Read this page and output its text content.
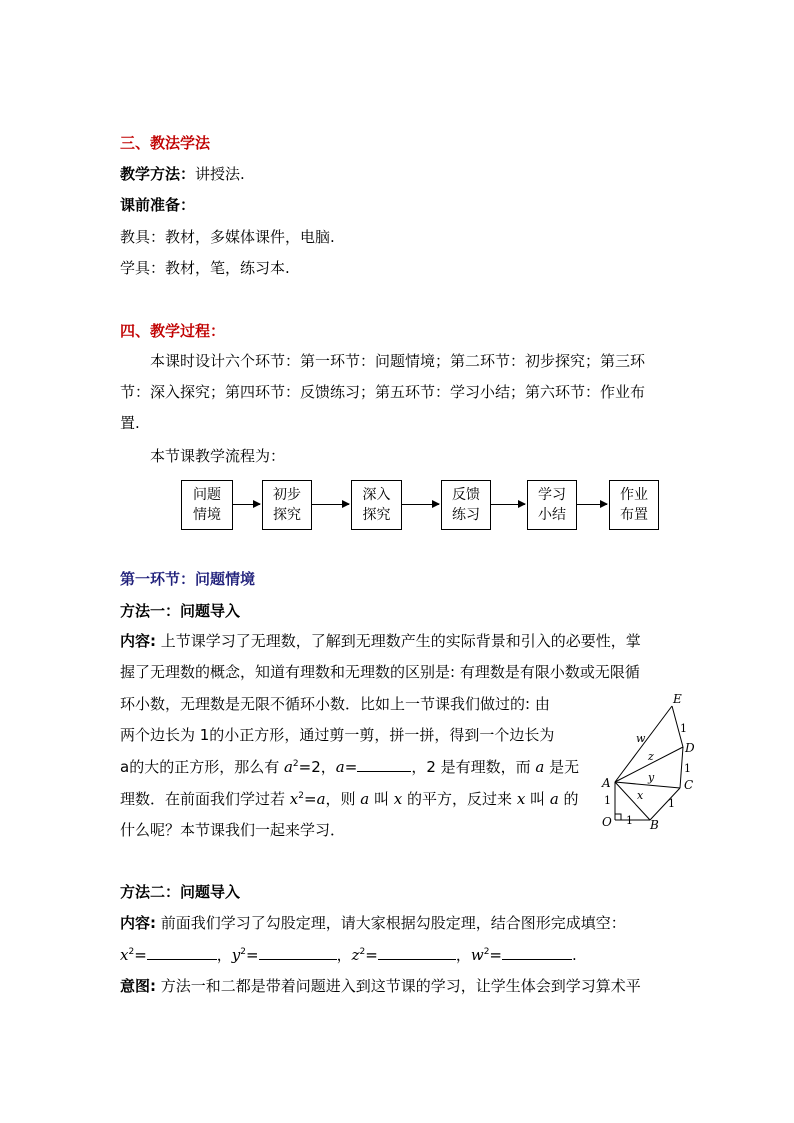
三、教法学法
教学方法：讲授法.
课前准备：
教具：教材，多媒体课件，电脑.
学具：教材，笔，练习本.
四、教学过程：
本课时设计六个环节：第一环节：问题情境；第二环节：初步探究；第三环
节：深入探究；第四环节：反馈练习；第五环节：学习小结；第六环节：作业布
置.
本节课教学流程为：
问题
情境
初步
探究
深入
探究
反馈
练习
学习
小结
作业
布置
第一环节：问题情境
方法一：问题导入
内容: 上节课学习了无理数，了解到无理数产生的实际背景和引入的必要性，掌
握了无理数的概念，知道有理数和无理数的区别是: 有理数是有限小数或无限循
环小数，无理数是无限不循环小数．比如上一节课我们做过的: 由
两个边长为 1的小正方形，通过剪一剪，拼一拼，得到一个边长为
a的大的正方形，那么有 $a^2=2$，a=	，2 是有理数，而 a 是无
理数．在前面我们学过若 $x^2=a$，则 a 叫 x 的平方，反过来 x 叫 a 的
什么呢？本节课我们一起来学习．
E
D
C
A
O	B
w
z
y
x
1
1
1
1
1
方法二：问题导入
内容: 前面我们学习了勾股定理，请大家根据勾股定理，结合图形完成填空：
$x^2=$	，$y^2=$	，$z^2=$	，$w^2=$	.
意图: 方法一和二都是带着问题进入到这节课的学习，让学生体会到学习算术平
